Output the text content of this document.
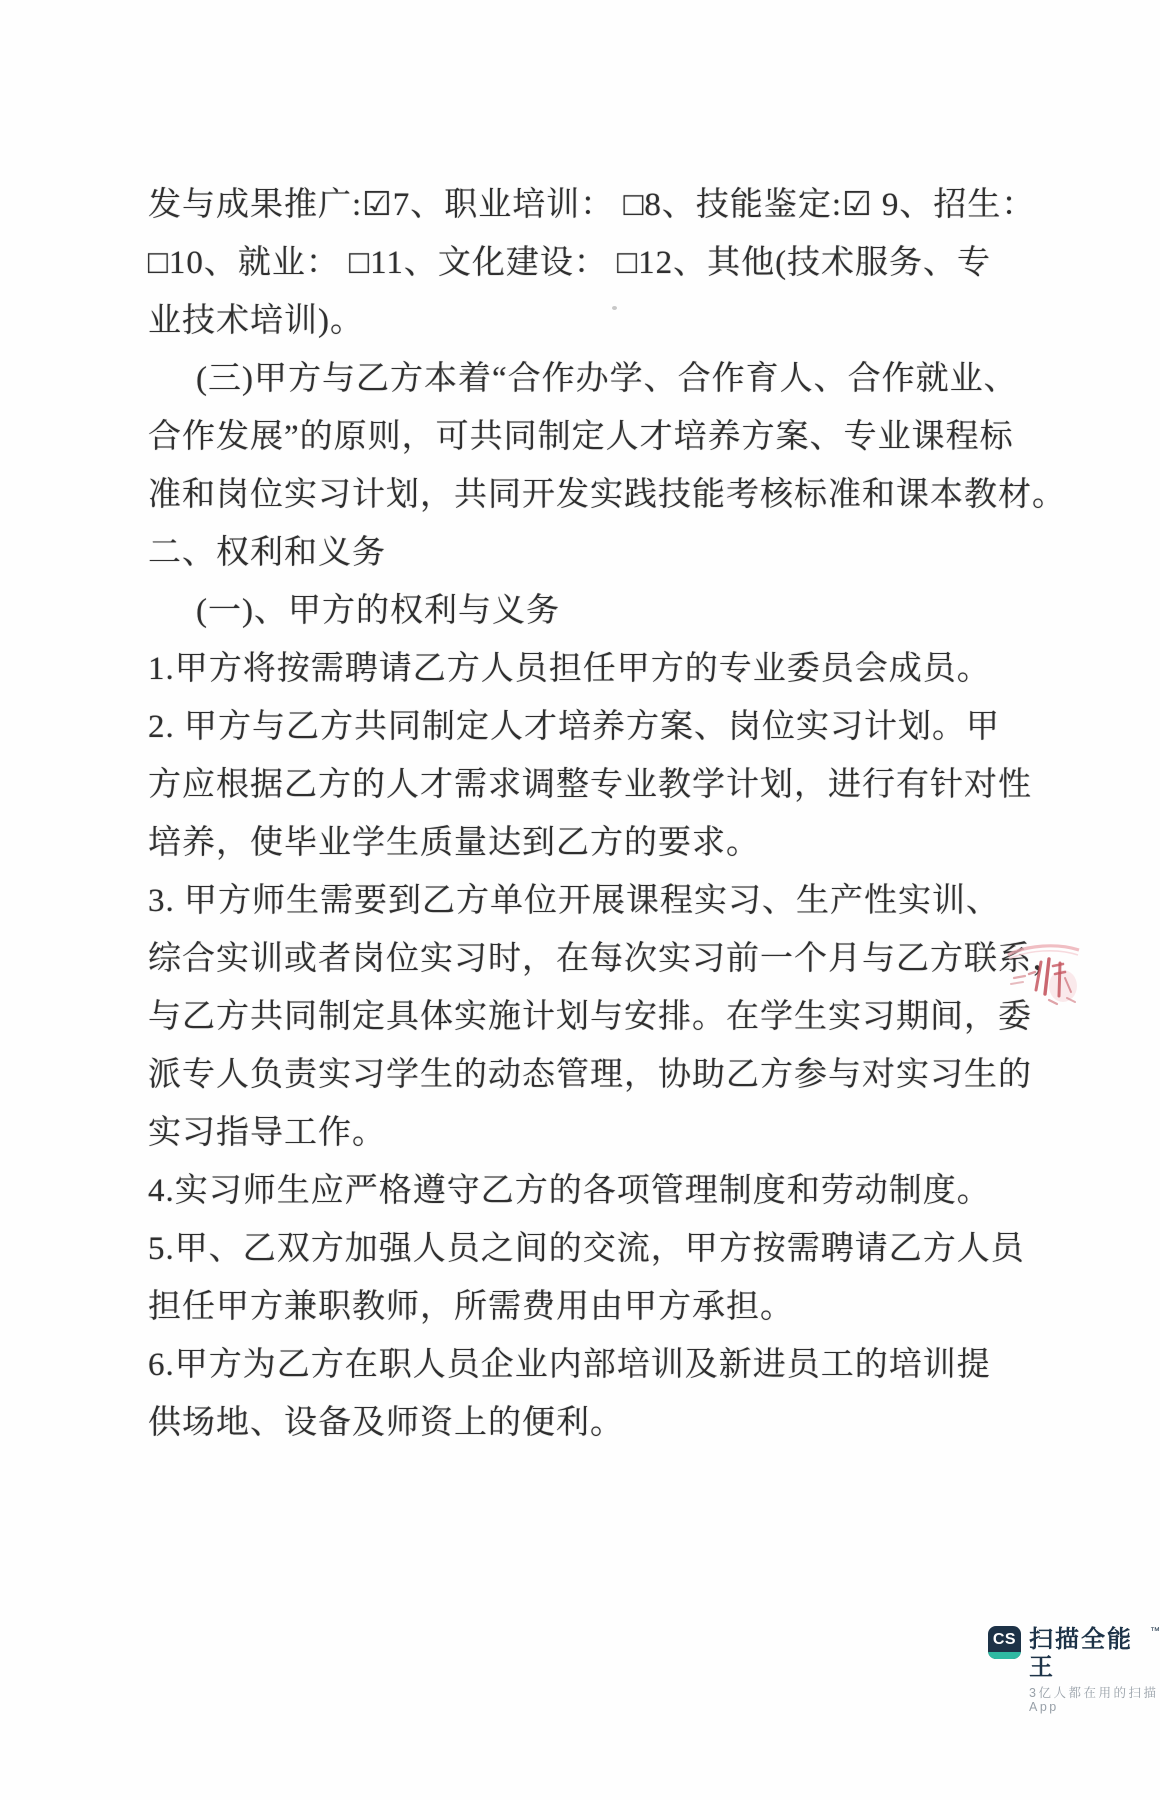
发与成果推广:☑7、职业培训： □8、技能鉴定:☑ 9、招生：
□10、就业： □11、文化建设： □12、其他(技术服务、专
业技术培训)。
(三)甲方与乙方本着“合作办学、合作育人、合作就业、
合作发展”的原则，可共同制定人才培养方案、专业课程标
准和岗位实习计划，共同开发实践技能考核标准和课本教材。
二、权利和义务
(一)、甲方的权利与义务
1.甲方将按需聘请乙方人员担任甲方的专业委员会成员。
2. 甲方与乙方共同制定人才培养方案、岗位实习计划。甲
方应根据乙方的人才需求调整专业教学计划，进行有针对性
培养，使毕业学生质量达到乙方的要求。
3. 甲方师生需要到乙方单位开展课程实习、生产性实训、
综合实训或者岗位实习时，在每次实习前一个月与乙方联系，
与乙方共同制定具体实施计划与安排。在学生实习期间，委
派专人负责实习学生的动态管理，协助乙方参与对实习生的
实习指导工作。
4.实习师生应严格遵守乙方的各项管理制度和劳动制度。
5.甲、乙双方加强人员之间的交流，甲方按需聘请乙方人员
担任甲方兼职教师，所需费用由甲方承担。
6.甲方为乙方在职人员企业内部培训及新进员工的培训提
供场地、设备及师资上的便利。
CS 扫描全能王
™
3亿人都在用的扫描App
